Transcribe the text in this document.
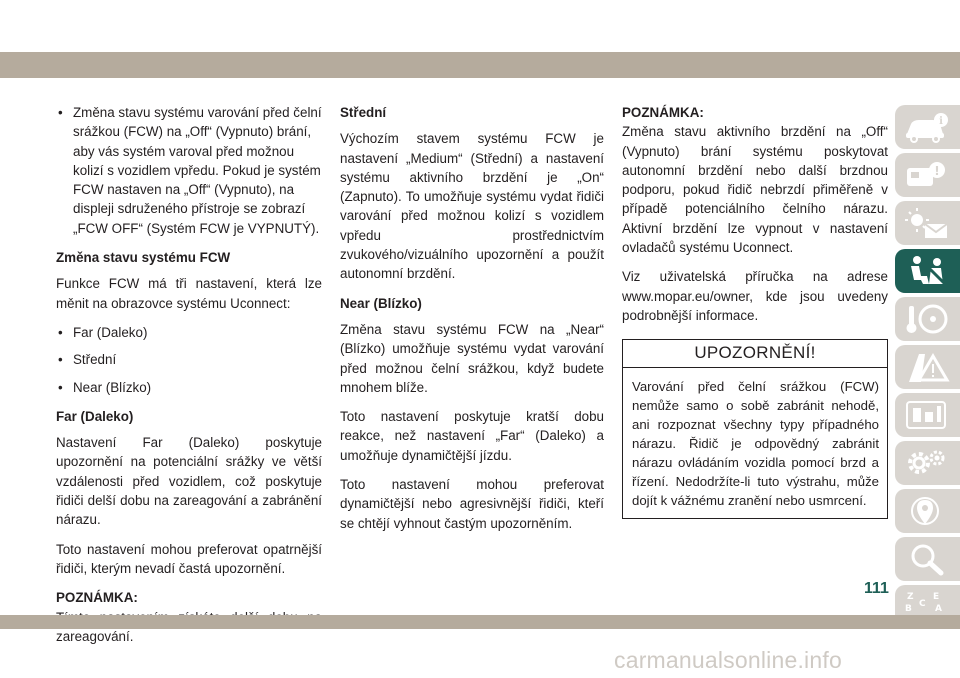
• Změna stavu systému varování před čelní srážkou (FCW) na „Off“ (Vypnuto) brání, aby vás systém varoval před možnou kolizí s vozidlem vpředu. Pokud je systém FCW nastaven na „Off“ (Vypnuto), na displeji sdruženého přístroje se zobrazí „FCW OFF“ (Systém FCW je VYPNUTÝ).
Změna stavu systému FCW

Funkce FCW má tři nastavení, která lze měnit na obrazovce systému Uconnect:

• Far (Daleko)
• Střední
• Near (Blízko)
Far (Daleko)

Nastavení Far (Daleko) poskytuje upozornění na potenciální srážky ve větší vzdálenosti před vozidlem, což poskytuje řidiči delší dobu na zareagování a zabránění nárazu.

Toto nastavení mohou preferovat opatrnější řidiči, kterým nevadí častá upozornění.

POZNÁMKA:

zareagování.

Střední

Výchozím stavem systému FCW je nastavení „Medium“ (Střední) a nastavení systému aktivního brzdění je „On“ (Zapnuto). To umožňuje systému vydat řidiči varování před možnou kolizí s vozidlem vpředu prostřednictvím zvukového/vizuálního upozornění a použít autonomní brzdění.

Near (Blízko)

Změna stavu systému FCW na „Near“ (Blízko) umožňuje systému vydat varování před možnou čelní srážkou, když budete mnohem blíže.

Toto nastavení poskytuje kratší dobu reakce, než nastavení „Far“ (Daleko) a umožňuje dynamičtější jízdu.

Toto nastavení mohou preferovat dynamičtější nebo agresivnější řidiči, kteří se chtějí vyhnout častým upozorněním.

POZNÁMKA:

Změna stavu aktivního brzdění na „Off“ (Vypnuto) brání systému poskytovat autonomní brzdění nebo další brzdnou podporu, pokud řidič nebrzdí přiměřeně v případě potenciálního čelního nárazu. Aktivní brzdění lze vypnout v nastavení ovladačů systému Uconnect.

Viz uživatelská příručka na adrese www.mopar.eu/owner, kde jsou uvedeny podrobnější informace.

UPOZORNĚNÍ!
Varování před čelní srážkou (FCW) nemůže samo o sobě zabránit nehodě, ani rozpoznat všechny typy případného nárazu. Řidič je odpovědný zabránit nárazu ovládáním vozidla pomocí brzd a řízení. Nedodržíte-li tuto výstrahu, může dojít k vážnému zranění nebo usmrcení.
i
!
Z E
B C A
111
carmanualsonline.info
